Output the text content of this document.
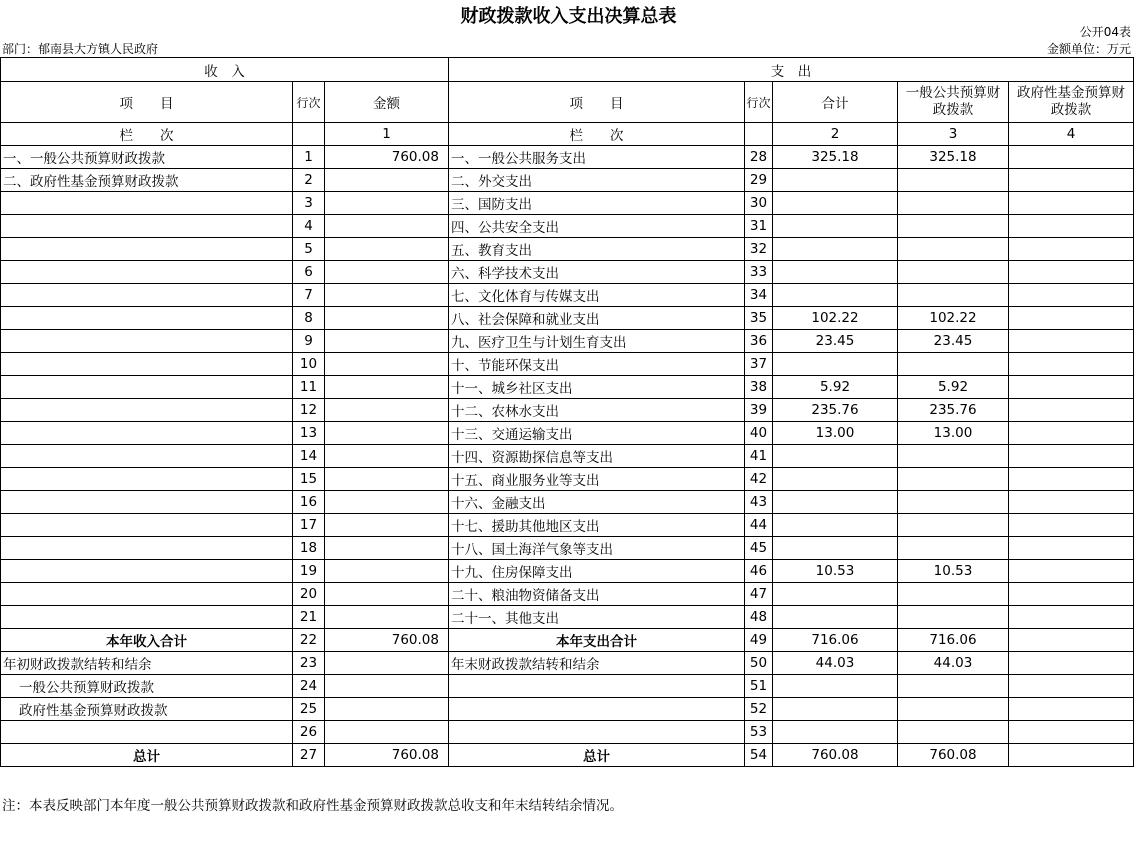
财政拨款收入支出决算总表
公开04表
部门：郁南县大方镇人民政府	金额单位：万元
收　入			支　出				
项　　目	行次	金额	项　　目	行次	合计	一般公共预算财政拨款	政府性基金预算财政拨款
栏　　次		1	栏　　次		2	3	4
一、一般公共预算财政拨款	1	760.08	一、一般公共服务支出	28	325.18	325.18	
二、政府性基金预算财政拨款	2		二、外交支出	29			
	3		三、国防支出	30			
	4		四、公共安全支出	31			
	5		五、教育支出	32			
	6		六、科学技术支出	33			
	7		七、文化体育与传媒支出	34			
	8		八、社会保障和就业支出	35	102.22	102.22	
	9		九、医疗卫生与计划生育支出	36	23.45	23.45	
	10		十、节能环保支出	37			
	11		十一、城乡社区支出	38	5.92	5.92	
	12		十二、农林水支出	39	235.76	235.76	
	13		十三、交通运输支出	40	13.00	13.00	
	14		十四、资源勘探信息等支出	41			
	15		十五、商业服务业等支出	42			
	16		十六、金融支出	43			
	17		十七、援助其他地区支出	44			
	18		十八、国土海洋气象等支出	45			
	19		十九、住房保障支出	46	10.53	10.53	
	20		二十、粮油物资储备支出	47			
	21		二十一、其他支出	48			
本年收入合计	22	760.08	本年支出合计	49	716.06	716.06	
年初财政拨款结转和结余	23		年末财政拨款结转和结余	50	44.03	44.03	
一般公共预算财政拨款	24			51			
政府性基金预算财政拨款	25			52			
	26			53			
总计	27	760.08	总计	54	760.08	760.08	
注：本表反映部门本年度一般公共预算财政拨款和政府性基金预算财政拨款总收支和年末结转结余情况。
